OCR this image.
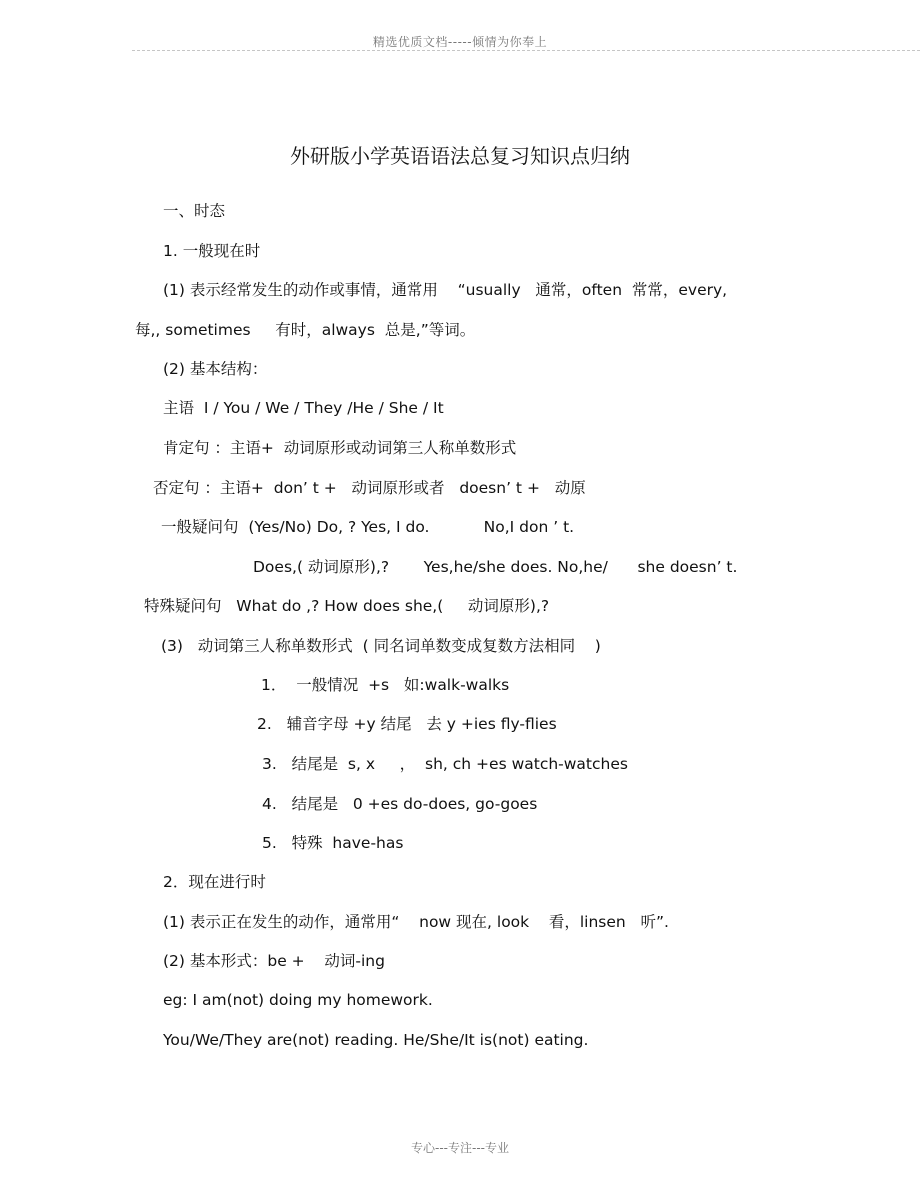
精选优质文档-----倾情为你奉上
外研版小学英语语法总复习知识点归纳
一、时态
1. 一般现在时
(1) 表示经常发生的动作或事情，通常用    “usually   通常，often  常常，every,
每,, sometimes     有时，always  总是,”等词。
(2) 基本结构：
主语  I / You / We / They /He / She / It
肯定句 ：主语+  动词原形或动词第三人称单数形式
否定句 ：主语+  don’ t +   动词原形或者   doesn’ t +   动原
一般疑问句  (Yes/No) Do, ? Yes, I do.           No,I don ’ t.
Does,( 动词原形),?       Yes,he/she does. No,he/      she doesn’ t.
特殊疑问句   What do ,? How does she,(     动词原形),?
(3)   动词第三人称单数形式  ( 同名词单数变成复数方法相同    )
1．  一般情况  +s   如:walk-walks
2.   辅音字母 +y 结尾   去 y +ies fly-flies
3.   结尾是  s, x     ，  sh, ch +es watch-watches
4.   结尾是   0 +es do-does, go-goes
5.   特殊  have-has
2．现在进行时
(1) 表示正在发生的动作，通常用“    now 现在, look    看，linsen   听”.
(2) 基本形式：be +    动词-ing
eg: I am(not) doing my homework.
You/We/They are(not) reading. He/She/It is(not) eating.
专心---专注---专业
